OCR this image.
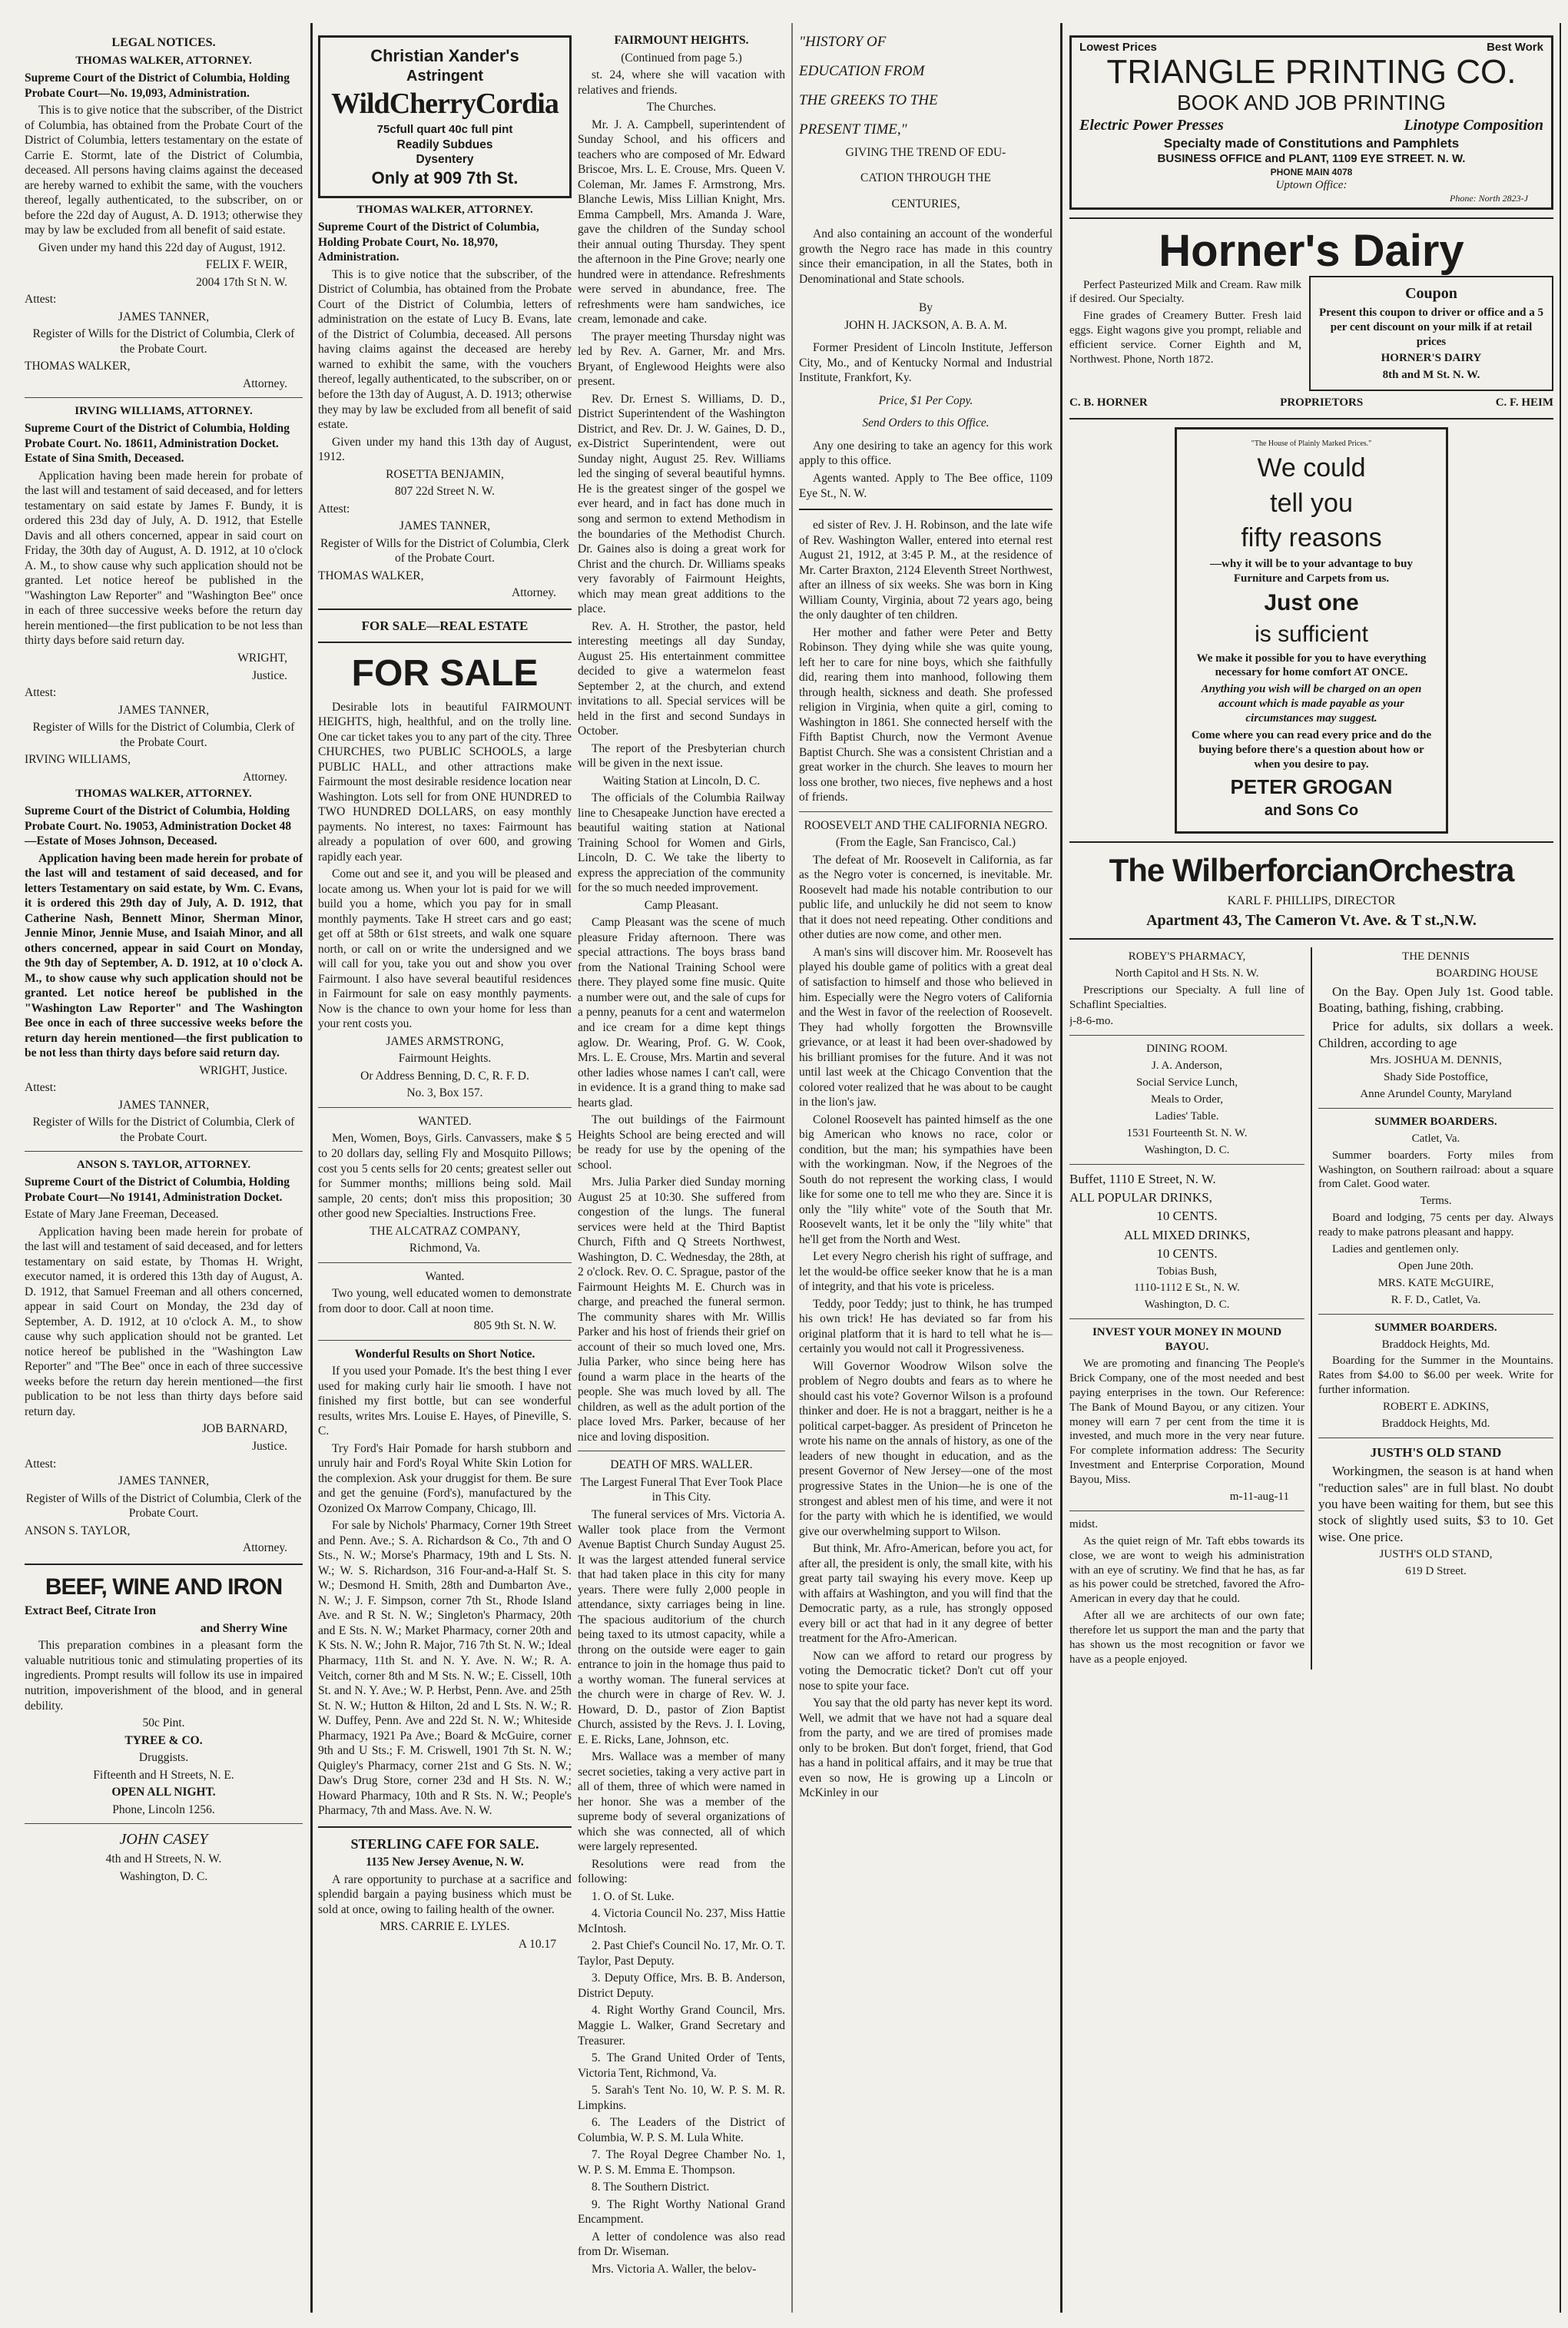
LEGAL NOTICES.
THOMAS WALKER, ATTORNEY.

Supreme Court of the District of Columbia, Holding Probate Court—No. 19,093, Administration.

This is to give notice that the subscriber, of the District of Columbia, has obtained from the Probate Court of the District of Columbia, letters testamentary on the estate of Carrie E. Stormt, late of the District of Columbia, deceased. All persons having claims against the deceased are hereby warned to exhibit the same, with the vouchers thereof, legally authenticated, to the subscriber, on or before the 22d day of August, A. D. 1913; otherwise they may by law be excluded from all benefit of said estate.

Given under my hand this 22d day of August, 1912.

FELIX F. WEIR,

2004 17th St N. W.

Attest:

JAMES TANNER,

Register of Wills for the District of Columbia, Clerk of the Probate Court.

THOMAS WALKER,

Attorney.

IRVING WILLIAMS, ATTORNEY.

Supreme Court of the District of Columbia, Holding Probate Court. No. 18611, Administration Docket. Estate of Sina Smith, Deceased.

Application having been made herein for probate of the last will and testament of said deceased, and for letters testamentary on said estate by James F. Bundy, it is ordered this 23d day of July, A. D. 1912, that Estelle Davis and all others concerned, appear in said court on Friday, the 30th day of August, A. D. 1912, at 10 o'clock A. M., to show cause why such application should not be granted. Let notice hereof be published in the "Washington Law Reporter" and "Washington Bee" once in each of three successive weeks before the return day herein mentioned—the first publication to be not less than thirty days before said return day.

WRIGHT,

Justice.

Attest:

JAMES TANNER,

Register of Wills for the District of Columbia, Clerk of the Probate Court.

IRVING WILLIAMS,

Attorney.

THOMAS WALKER, ATTORNEY.

Supreme Court of the District of Columbia, Holding Probate Court. No. 19053, Administration Docket 48—Estate of Moses Johnson, Deceased.

Application having been made herein for probate of the last will and testament of said deceased, and for letters Testamentary on said estate, by Wm. C. Evans, it is ordered this 29th day of July, A. D. 1912, that Catherine Nash, Bennett Minor, Sherman Minor, Jennie Minor, Jennie Muse, and Isaiah Minor, and all others concerned, appear in said Court on Monday, the 9th day of September, A. D. 1912, at 10 o'clock A. M., to show cause why such application should not be granted. Let notice hereof be published in the "Washington Law Reporter" and The Washington Bee once in each of three successive weeks before the return day herein mentioned—the first publication to be not less than thirty days before said return day.

WRIGHT, Justice.

Attest:

JAMES TANNER,

Register of Wills for the District of Columbia, Clerk of the Probate Court.

ANSON S. TAYLOR, ATTORNEY.

Supreme Court of the District of Columbia, Holding Probate Court—No 19141, Administration Docket.

Estate of Mary Jane Freeman, Deceased.

Application having been made herein for probate of the last will and testament of said deceased, and for letters testamentary on said estate, by Thomas H. Wright, executor named, it is ordered this 13th day of August, A. D. 1912, that Samuel Freeman and all others concerned, appear in said Court on Monday, the 23d day of September, A. D. 1912, at 10 o'clock A. M., to show cause why such application should not be granted. Let notice hereof be published in the "Washington Law Reporter" and "The Bee" once in each of three successive weeks before the return day herein mentioned—the first publication to be not less than thirty days before said return day.

JOB BARNARD,

Justice.

Attest:

JAMES TANNER,

Register of Wills of the District of Columbia, Clerk of the Probate Court.

ANSON S. TAYLOR,

Attorney.

BEEF, WINE AND IRON

Extract Beef, Citrate Iron

and Sherry Wine

This preparation combines in a pleasant form the valuable nutritious tonic and stimulating properties of its ingredients. Prompt results will follow its use in impaired nutrition, impoverishment of the blood, and in general debility.

50c Pint.

TYREE & CO.

Druggists.

Fifteenth and H Streets, N. E.

OPEN ALL NIGHT.

Phone, Lincoln 1256.

JOHN CASEY

4th and H Streets, N. W.

Washington, D. C.

Christian Xander's
Astringent
WildCherryCordia
75cfull quart 40c full pint
Readily Subdues
Dysentery
Only at 909 7th St.
THOMAS WALKER, ATTORNEY.

Supreme Court of the District of Columbia, Holding Probate Court, No. 18,970, Administration.

This is to give notice that the subscriber, of the District of Columbia, has obtained from the Probate Court of the District of Columbia, letters of administration on the estate of Lucy B. Evans, late of the District of Columbia, deceased. All persons having claims against the deceased are hereby warned to exhibit the same, with the vouchers thereof, legally authenticated, to the subscriber, on or before the 13th day of August, A. D. 1913; otherwise they may by law be excluded from all benefit of said estate.

Given under my hand this 13th day of August, 1912.

ROSETTA BENJAMIN,

807 22d Street N. W.

Attest:

JAMES TANNER,

Register of Wills for the District of Columbia, Clerk of the Probate Court.

THOMAS WALKER,

Attorney.

FOR SALE—REAL ESTATE
FOR SALE

Desirable lots in beautiful FAIRMOUNT HEIGHTS, high, healthful, and on the trolly line. One car ticket takes you to any part of the city. Three CHURCHES, two PUBLIC SCHOOLS, a large PUBLIC HALL, and other attractions make Fairmount the most desirable residence location near Washington. Lots sell for from ONE HUNDRED to TWO HUNDRED DOLLARS, on easy monthly payments. No interest, no taxes: Fairmount has already a population of over 600, and growing rapidly each year.

Come out and see it, and you will be pleased and locate among us. When your lot is paid for we will build you a home, which you pay for in small monthly payments. Take H street cars and go east; get off at 58th or 61st streets, and walk one square north, or call on or write the undersigned and we will call for you, take you out and show you over Fairmount. I also have several beautiful residences in Fairmount for sale on easy monthly payments. Now is the chance to own your home for less than your rent costs you.

JAMES ARMSTRONG,

Fairmount Heights.

Or Address Benning, D. C, R. F. D.

No. 3, Box 157.

WANTED.

Men, Women, Boys, Girls. Canvassers, make $ 5 to 20 dollars day, selling Fly and Mosquito Pillows; cost you 5 cents sells for 20 cents; greatest seller out for Summer months; millions being sold. Mail sample, 20 cents; don't miss this proposition; 30 other good new Specialties. Instructions Free.

THE ALCATRAZ COMPANY,

Richmond, Va.

Wanted.

Two young, well educated women to demonstrate from door to door. Call at noon time.

805 9th St. N. W.

Wonderful Results on Short Notice.

If you used your Pomade. It's the best thing I ever used for making curly hair lie smooth. I have not finished my first bottle, but can see wonderful results, writes Mrs. Louise E. Hayes, of Pineville, S. C.

Try Ford's Hair Pomade for harsh stubborn and unruly hair and Ford's Royal White Skin Lotion for the complexion. Ask your druggist for them. Be sure and get the genuine (Ford's), manufactured by the Ozonized Ox Marrow Company, Chicago, Ill.

For sale by Nichols' Pharmacy, Corner 19th Street and Penn. Ave.; S. A. Richardson & Co., 7th and O Sts., N. W.; Morse's Pharmacy, 19th and L Sts. N. W.; W. S. Richardson, 316 Four-and-a-Half St. S. W.; Desmond H. Smith, 28th and Dumbarton Ave., N. W.; J. F. Simpson, corner 7th St., Rhode Island Ave. and R St. N. W.; Singleton's Pharmacy, 20th and E Sts. N. W.; Market Pharmacy, corner 20th and K Sts. N. W.; John R. Major, 716 7th St. N. W.; Ideal Pharmacy, 11th St. and N. Y. Ave. N. W.; R. A. Veitch, corner 8th and M Sts. N. W.; E. Cissell, 10th St. and N. Y. Ave.; W. P. Herbst, Penn. Ave. and 25th St. N. W.; Hutton & Hilton, 2d and L Sts. N. W.; R. W. Duffey, Penn. Ave and 22d St. N. W.; Whiteside Pharmacy, 1921 Pa Ave.; Board & McGuire, corner 9th and U Sts.; F. M. Criswell, 1901 7th St. N. W.; Quigley's Pharmacy, corner 21st and G Sts. N. W.; Daw's Drug Store, corner 23d and H Sts. N. W.; Howard Pharmacy, 10th and R Sts. N. W.; People's Pharmacy, 7th and Mass. Ave. N. W.

STERLING CAFE FOR SALE.

1135 New Jersey Avenue, N. W.

A rare opportunity to purchase at a sacrifice and splendid bargain a paying business which must be sold at once, owing to failing health of the owner.

MRS. CARRIE E. LYLES.

A 10.17

FAIRMOUNT HEIGHTS.

(Continued from page 5.)

st. 24, where she will vacation with relatives and friends.

The Churches.

Mr. J. A. Campbell, superintendent of Sunday School, and his officers and teachers who are composed of Mr. Edward Briscoe, Mrs. L. E. Crouse, Mrs. Queen V. Coleman, Mr. James F. Armstrong, Mrs. Blanche Lewis, Miss Lillian Knight, Mrs. Emma Campbell, Mrs. Amanda J. Ware, gave the children of the Sunday school their annual outing Thursday. They spent the afternoon in the Pine Grove; nearly one hundred were in attendance. Refreshments were served in abundance, free. The refreshments were ham sandwiches, ice cream, lemonade and cake.

The prayer meeting Thursday night was led by Rev. A. Garner, Mr. and Mrs. Bryant, of Englewood Heights were also present.

Rev. Dr. Ernest S. Williams, D. D., District Superintendent of the Washington District, and Rev. Dr. J. W. Gaines, D. D., ex-District Superintendent, were out Sunday night, August 25. Rev. Williams led the singing of several beautiful hymns. He is the greatest singer of the gospel we ever heard, and in fact has done much in song and sermon to extend Methodism in the boundaries of the Methodist Church. Dr. Gaines also is doing a great work for Christ and the church. Dr. Williams speaks very favorably of Fairmount Heights, which may mean great additions to the place.

Rev. A. H. Strother, the pastor, held interesting meetings all day Sunday, August 25. His entertainment committee decided to give a watermelon feast September 2, at the church, and extend invitations to all. Special services will be held in the first and second Sundays in October.

The report of the Presbyterian church will be given in the next issue.

Waiting Station at Lincoln, D. C.

The officials of the Columbia Railway line to Chesapeake Junction have erected a beautiful waiting station at National Training School for Women and Girls, Lincoln, D. C. We take the liberty to express the appreciation of the community for the so much needed improvement.

Camp Pleasant.

Camp Pleasant was the scene of much pleasure Friday afternoon. There was special attractions. The boys brass band from the National Training School were there. They played some fine music. Quite a number were out, and the sale of cups for a penny, peanuts for a cent and watermelon and ice cream for a dime kept things aglow. Dr. Wearing, Prof. G. W. Cook, Mrs. L. E. Crouse, Mrs. Martin and several other ladies whose names I can't call, were in evidence. It is a grand thing to make sad hearts glad.

The out buildings of the Fairmount Heights School are being erected and will be ready for use by the opening of the school.

Mrs. Julia Parker died Sunday morning August 25 at 10:30. She suffered from congestion of the lungs. The funeral services were held at the Third Baptist Church, Fifth and Q Streets Northwest, Washington, D. C. Wednesday, the 28th, at 2 o'clock. Rev. O. C. Sprague, pastor of the Fairmount Heights M. E. Church was in charge, and preached the funeral sermon. The community shares with Mr. Willis Parker and his host of friends their grief on account of their so much loved one, Mrs. Julia Parker, who since being here has found a warm place in the hearts of the people. She was much loved by all. The children, as well as the adult portion of the place loved Mrs. Parker, because of her nice and loving disposition.

DEATH OF MRS. WALLER.

The Largest Funeral That Ever Took Place in This City.

The funeral services of Mrs. Victoria A. Waller took place from the Vermont Avenue Baptist Church Sunday August 25. It was the largest attended funeral service that had taken place in this city for many years. There were fully 2,000 people in attendance, sixty carriages being in line. The spacious auditorium of the church being taxed to its utmost capacity, while a throng on the outside were eager to gain entrance to join in the homage thus paid to a worthy woman. The funeral services at the church were in charge of Rev. W. J. Howard, D. D., pastor of Zion Baptist Church, assisted by the Revs. J. I. Loving, E. E. Ricks, Lane, Johnson, etc.

Mrs. Wallace was a member of many secret societies, taking a very active part in all of them, three of which were named in her honor. She was a member of the supreme body of several organizations of which she was connected, all of which were largely represented.

Resolutions were read from the following:

1. O. of St. Luke.

4. Victoria Council No. 237, Miss Hattie McIntosh.

2. Past Chief's Council No. 17, Mr. O. T. Taylor, Past Deputy.

3. Deputy Office, Mrs. B. B. Anderson, District Deputy.

4. Right Worthy Grand Council, Mrs. Maggie L. Walker, Grand Secretary and Treasurer.

5. The Grand United Order of Tents, Victoria Tent, Richmond, Va.

5. Sarah's Tent No. 10, W. P. S. M. R. Limpkins.

6. The Leaders of the District of Columbia, W. P. S. M. Lula White.

7. The Royal Degree Chamber No. 1, W. P. S. M. Emma E. Thompson.

8. The Southern District.

9. The Right Worthy National Grand Encampment.

A letter of condolence was also read from Dr. Wiseman.

Mrs. Victoria A. Waller, the belov-

"HISTORY OF

EDUCATION FROM

THE GREEKS TO THE

PRESENT TIME,"

GIVING THE TREND OF EDU-

CATION THROUGH THE

CENTURIES,

And also containing an account of the wonderful growth the Negro race has made in this country since their emancipation, in all the States, both in Denominational and State schools.

By

JOHN H. JACKSON, A. B. A. M.

Former President of Lincoln Institute, Jefferson City, Mo., and of Kentucky Normal and Industrial Institute, Frankfort, Ky.

Price, $1 Per Copy.

Send Orders to this Office.

Any one desiring to take an agency for this work apply to this office.

Agents wanted. Apply to The Bee office, 1109 Eye St., N. W.

ed sister of Rev. J. H. Robinson, and the late wife of Rev. Washington Waller, entered into eternal rest August 21, 1912, at 3:45 P. M., at the residence of Mr. Carter Braxton, 2124 Eleventh Street Northwest, after an illness of six weeks. She was born in King William County, Virginia, about 72 years ago, being the only daughter of ten children.

Her mother and father were Peter and Betty Robinson. They dying while she was quite young, left her to care for nine boys, which she faithfully did, rearing them into manhood, following them through health, sickness and death. She professed religion in Virginia, when quite a girl, coming to Washington in 1861. She connected herself with the Fifth Baptist Church, now the Vermont Avenue Baptist Church. She was a consistent Christian and a great worker in the church. She leaves to mourn her loss one brother, two nieces, five nephews and a host of friends.

ROOSEVELT AND THE CALIFORNIA NEGRO.

(From the Eagle, San Francisco, Cal.)

The defeat of Mr. Roosevelt in California, as far as the Negro voter is concerned, is inevitable. Mr. Roosevelt had made his notable contribution to our public life, and unluckily he did not seem to know that it does not need repeating. Other conditions and other duties are now come, and other men.

A man's sins will discover him. Mr. Roosevelt has played his double game of politics with a great deal of satisfaction to himself and those who believed in him. Especially were the Negro voters of California and the West in favor of the reelection of Roosevelt. They had wholly forgotten the Brownsville grievance, or at least it had been over-shadowed by his brilliant promises for the future. And it was not until last week at the Chicago Convention that the colored voter realized that he was about to be caught in the lion's jaw.

Colonel Roosevelt has painted himself as the one big American who knows no race, color or condition, but the man; his sympathies have been with the workingman. Now, if the Negroes of the South do not represent the working class, I would like for some one to tell me who they are. Since it is only the "lily white" vote of the South that Mr. Roosevelt wants, let it be only the "lily white" that he'll get from the North and West.

Let every Negro cherish his right of suffrage, and let the would-be office seeker know that he is a man of integrity, and that his vote is priceless.

Teddy, poor Teddy; just to think, he has trumped his own trick! He has deviated so far from his original platform that it is hard to tell what he is—certainly you would not call it Progressiveness.

Will Governor Woodrow Wilson solve the problem of Negro doubts and fears as to where he should cast his vote? Governor Wilson is a profound thinker and doer. He is not a braggart, neither is he a political carpet-bagger. As president of Princeton he wrote his name on the annals of history, as one of the leaders of new thought in education, and as the present Governor of New Jersey—one of the most progressive States in the Union—he is one of the strongest and ablest men of his time, and were it not for the party with which he is identified, we would give our overwhelming support to Wilson.

But think, Mr. Afro-American, before you act, for after all, the president is only, the small kite, with his great party tail swaying his every move. Keep up with affairs at Washington, and you will find that the Democratic party, as a rule, has strongly opposed every bill or act that had in it any degree of better treatment for the Afro-American.

Now can we afford to retard our progress by voting the Democratic ticket? Don't cut off your nose to spite your face.

You say that the old party has never kept its word. Well, we admit that we have not had a square deal from the party, and we are tired of promises made only to be broken. But don't forget, friend, that God has a hand in political affairs, and it may be true that even so now, He is growing up a Lincoln or McKinley in our

Lowest Prices	Best Work
TRIANGLE PRINTING CO.
BOOK AND JOB PRINTING
Electric Power Presses	Linotype Composition
Specialty made of Constitutions and Pamphlets
BUSINESS OFFICE and PLANT, 1109 EYE STREET. N. W.
PHONE MAIN 4078
Uptown Office:
Phone: North 2823-J
Horner's Dairy

Perfect Pasteurized Milk and Cream. Raw milk if desired. Our Specialty.

Fine grades of Creamery Butter. Fresh laid eggs. Eight wagons give you prompt, reliable and efficient service. Corner Eighth and M, Northwest. Phone, North 1872.

Coupon

Present this coupon to driver or office and a 5 per cent discount on your milk if at retail prices

HORNER'S DAIRY

8th and M St. N. W.

C. B. HORNER	PROPRIETORS	C. F. HEIM

"The House of Plainly Marked Prices."

We could

tell you

fifty reasons

—why it will be to your advantage to buy Furniture and Carpets from us.

Just one

is sufficient

We make it possible for you to have everything necessary for home comfort AT ONCE.

Anything you wish will be charged on an open account which is made payable as your circumstances may suggest.

Come where you can read every price and do the buying before there's a question about how or when you desire to pay.

PETER GROGAN

and Sons Co

The WilberforcianOrchestra

KARL F. PHILLIPS, DIRECTOR

Apartment 43, The Cameron Vt. Ave. & T st.,N.W.

ROBEY'S PHARMACY,

North Capitol and H Sts. N. W.

Prescriptions our Specialty. A full line of Schaflint Specialties.

j-8-6-mo.

DINING ROOM.

J. A. Anderson,

Social Service Lunch,

Meals to Order,

Ladies' Table.

1531 Fourteenth St. N. W.

Washington, D. C.

Buffet, 1110 E Street, N. W.

ALL POPULAR DRINKS,

10 CENTS.

ALL MIXED DRINKS,

10 CENTS.

Tobias Bush,

1110-1112 E St., N. W.

Washington, D. C.

INVEST YOUR MONEY IN MOUND BAYOU.

We are promoting and financing The People's Brick Company, one of the most needed and best paying enterprises in the town. Our Reference: The Bank of Mound Bayou, or any citizen. Your money will earn 7 per cent from the time it is invested, and much more in the very near future. For complete information address: The Security Investment and Enterprise Corporation, Mound Bayou, Miss.

m-11-aug-11

midst.

As the quiet reign of Mr. Taft ebbs towards its close, we are wont to weigh his administration with an eye of scrutiny. We find that he has, as far as his power could be stretched, favored the Afro-American in every day that he could.

After all we are architects of our own fate; therefore let us support the man and the party that has shown us the most recognition or favor we have as a people enjoyed.

THE DENNIS

BOARDING HOUSE

On the Bay. Open July 1st. Good table. Boating, bathing, fishing, crabbing.

Price for adults, six dollars a week. Children, according to age

Mrs. JOSHUA M. DENNIS,

Shady Side Postoffice,

Anne Arundel County, Maryland

SUMMER BOARDERS.

Catlet, Va.

Summer boarders. Forty miles from Washington, on Southern railroad: about a square from Calet. Good water.

Terms.

Board and lodging, 75 cents per day. Always ready to make patrons pleasant and happy.

Ladies and gentlemen only.

Open June 20th.

MRS. KATE McGUIRE,

R. F. D., Catlet, Va.

SUMMER BOARDERS.

Braddock Heights, Md.

Boarding for the Summer in the Mountains. Rates from $4.00 to $6.00 per week. Write for further information.

ROBERT E. ADKINS,

Braddock Heights, Md.

JUSTH'S OLD STAND

Workingmen, the season is at hand when "reduction sales" are in full blast. No doubt you have been waiting for them, but see this stock of slightly used suits, $3 to 10. Get wise. One price.

JUSTH'S OLD STAND,

619 D Street.
